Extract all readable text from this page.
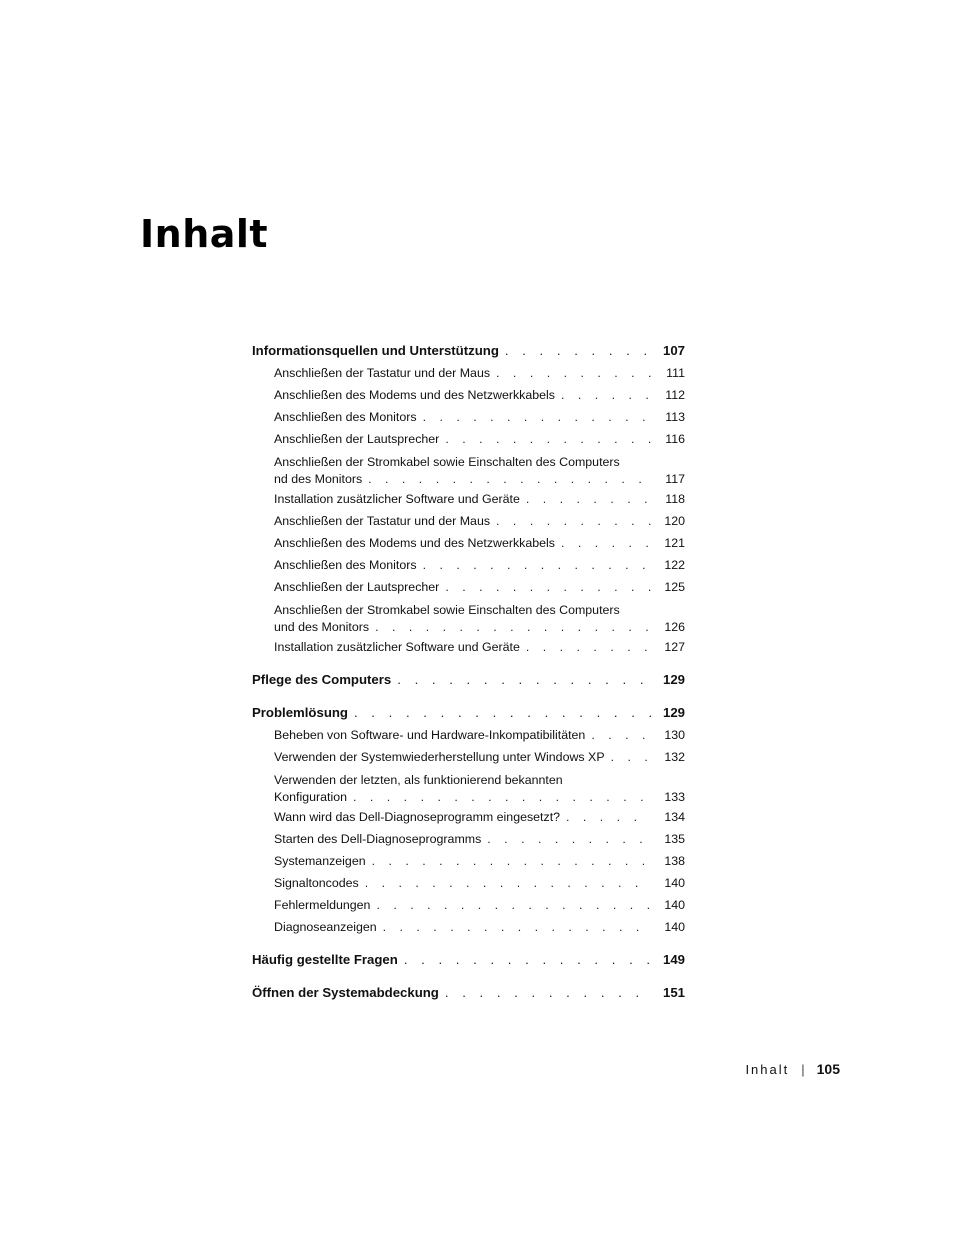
Inhalt
Informationsquellen und Unterstützung . . .	107
Anschließen der Tastatur und der Maus . . .	111
Anschließen des Modems und des Netzwerkkabels . . .	112
Anschließen des Monitors . . .	113
Anschließen der Lautsprecher . . .	116
Anschließen der Stromkabel sowie Einschalten des Computers
nd des Monitors . . .	117
Installation zusätzlicher Software und Geräte . . .	118
Anschließen der Tastatur und der Maus . . .	120
Anschließen des Modems und des Netzwerkkabels . . .	121
Anschließen des Monitors . . .	122
Anschließen der Lautsprecher . . .	125
Anschließen der Stromkabel sowie Einschalten des Computers
und des Monitors . . .	126
Installation zusätzlicher Software und Geräte . . .	127
Pflege des Computers . . .	129
Problemlösung . . .	129
Beheben von Software- und Hardware-Inkompatibilitäten . . .	130
Verwenden der Systemwiederherstellung unter Windows XP . . .	132
Verwenden der letzten, als funktionierend bekannten
Konfiguration . . .	133
Wann wird das Dell-Diagnoseprogramm eingesetzt? . . .	134
Starten des Dell-Diagnoseprogramms . . .	135
Systemanzeigen . . .	138
Signaltoncodes . . .	140
Fehlermeldungen . . .	140
Diagnoseanzeigen . . .	140
Häufig gestellte Fragen . . .	149
Öffnen der Systemabdeckung . . .	151
Inhalt | 105
